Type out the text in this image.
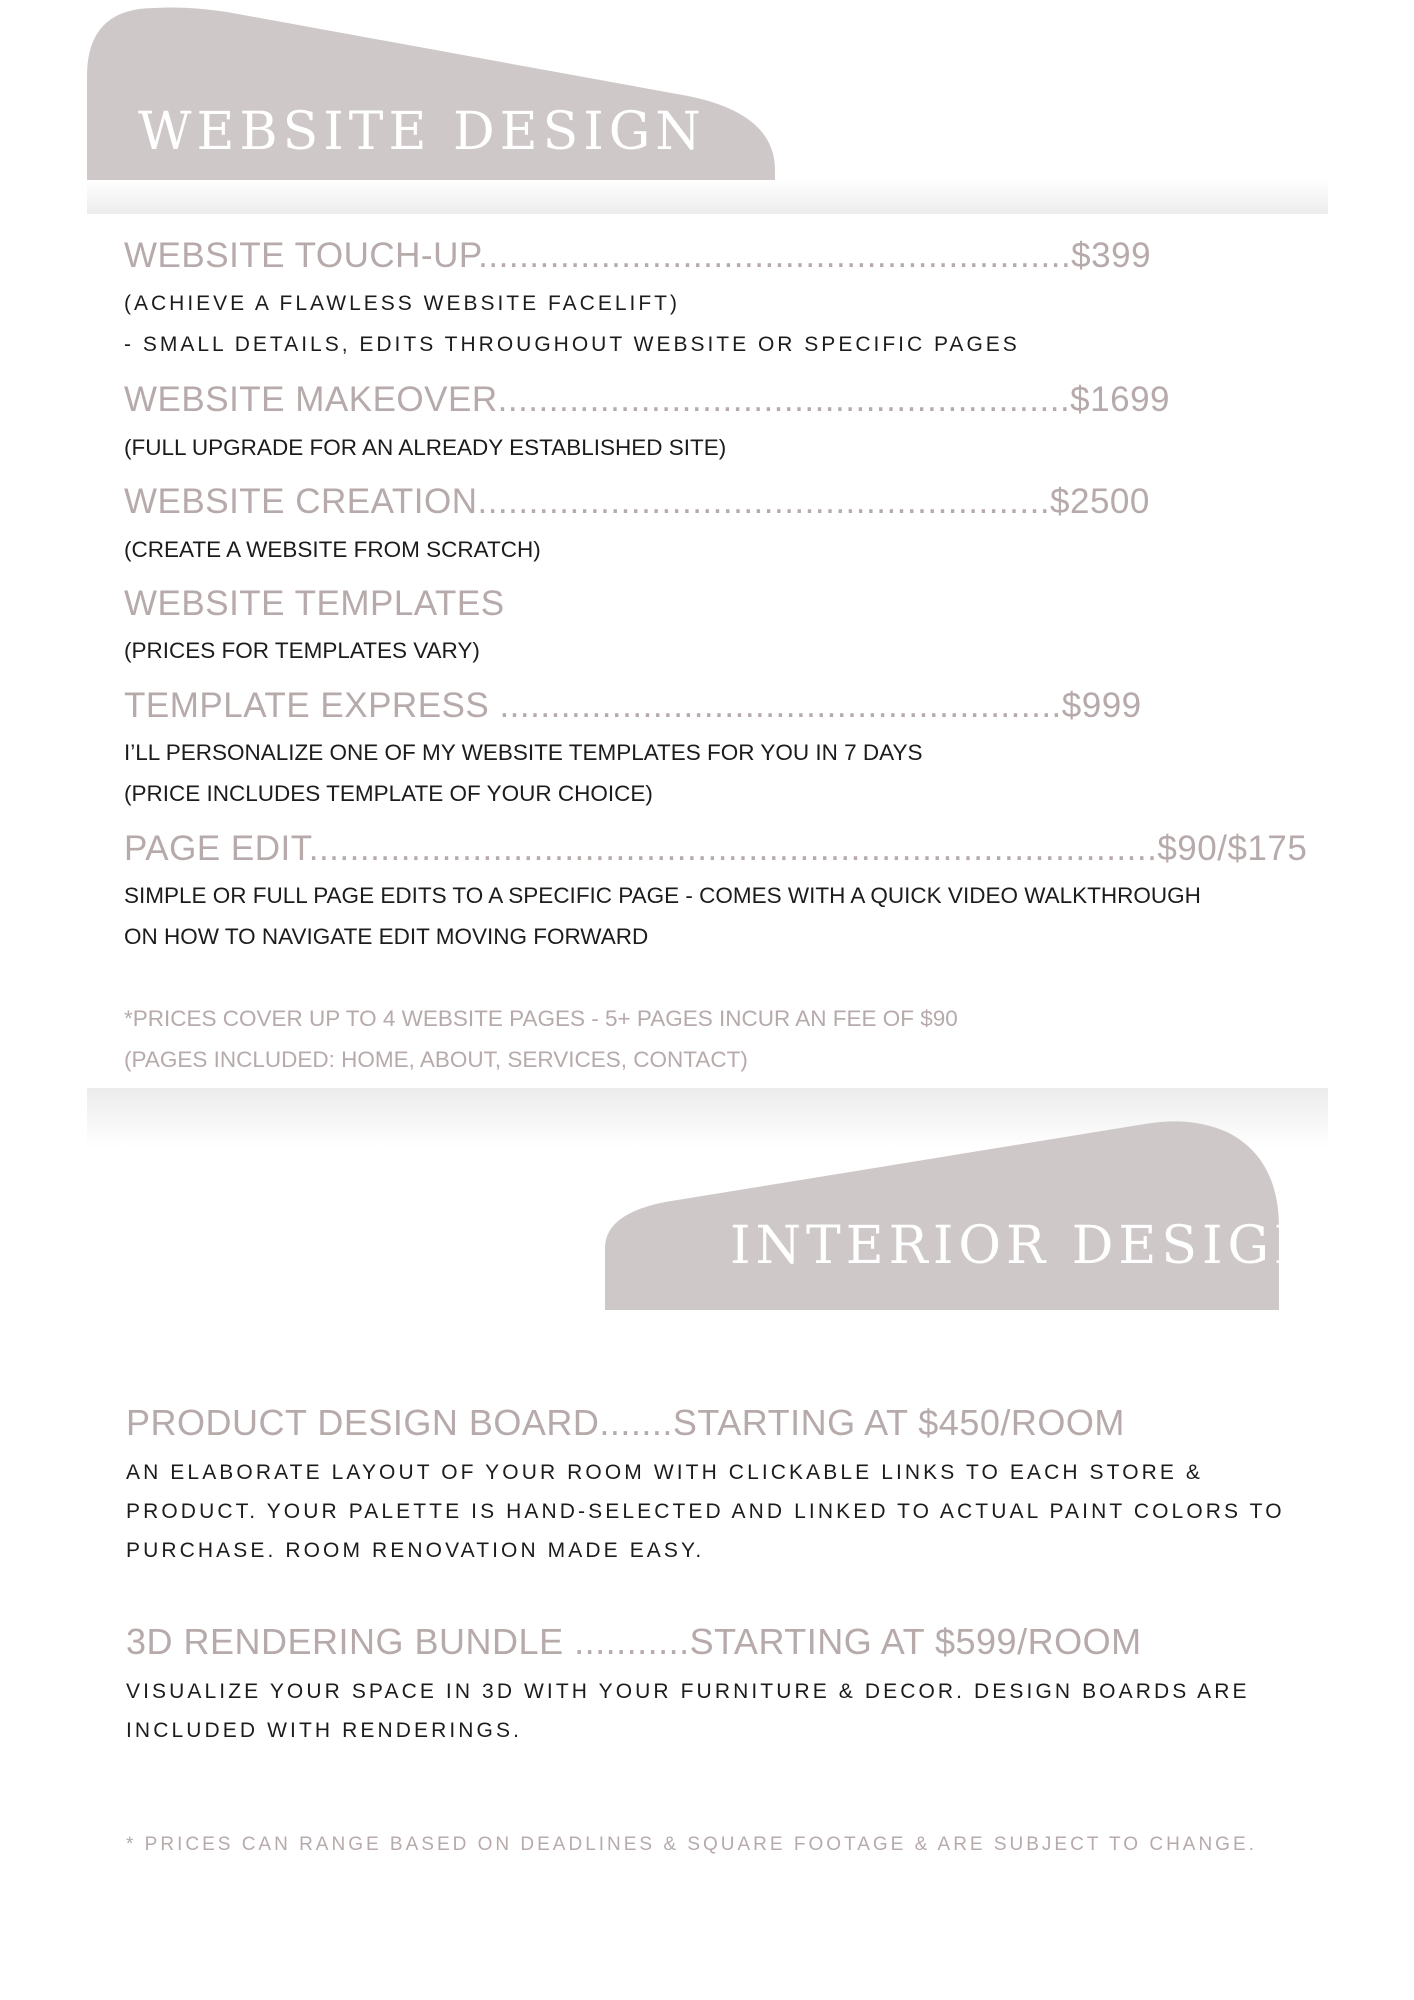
WEBSITE DESIGN
WEBSITE TOUCH-UP..........................................................$399
(ACHIEVE A FLAWLESS WEBSITE FACELIFT)
- SMALL DETAILS, EDITS THROUGHOUT WEBSITE OR SPECIFIC PAGES
WEBSITE MAKEOVER........................................................$1699
(FULL UPGRADE FOR AN ALREADY ESTABLISHED SITE)
WEBSITE CREATION........................................................$2500
(CREATE A WEBSITE FROM SCRATCH)
WEBSITE TEMPLATES
(PRICES FOR TEMPLATES VARY)
TEMPLATE EXPRESS .......................................................$999
I’LL PERSONALIZE ONE OF MY WEBSITE TEMPLATES FOR YOU IN 7 DAYS
(PRICE INCLUDES TEMPLATE OF YOUR CHOICE)
PAGE EDIT...................................................................................$90/$175
SIMPLE OR FULL PAGE EDITS TO A SPECIFIC PAGE - COMES WITH A QUICK VIDEO WALKTHROUGH
ON HOW TO NAVIGATE EDIT MOVING FORWARD
*PRICES COVER UP TO 4 WEBSITE PAGES - 5+ PAGES INCUR AN FEE OF $90
(PAGES INCLUDED: HOME, ABOUT, SERVICES, CONTACT)
INTERIOR DESIGN
PRODUCT DESIGN BOARD.......STARTING AT $450/ROOM
AN ELABORATE LAYOUT OF YOUR ROOM WITH CLICKABLE LINKS TO EACH STORE &
PRODUCT. YOUR PALETTE IS HAND-SELECTED AND LINKED TO ACTUAL PAINT COLORS TO
PURCHASE. ROOM RENOVATION MADE EASY.
3D RENDERING BUNDLE ...........STARTING AT $599/ROOM
VISUALIZE YOUR SPACE IN 3D WITH YOUR FURNITURE & DECOR. DESIGN BOARDS ARE
INCLUDED WITH RENDERINGS.
* PRICES CAN RANGE BASED ON DEADLINES & SQUARE FOOTAGE & ARE SUBJECT TO CHANGE.
